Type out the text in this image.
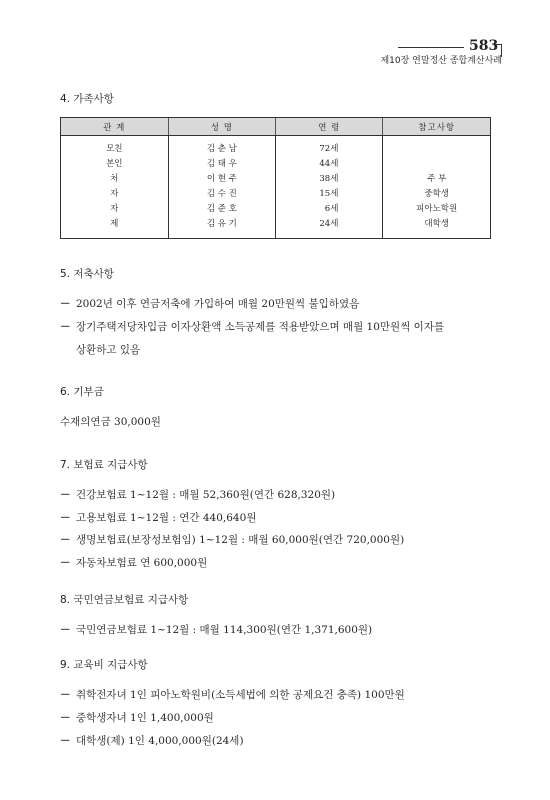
583
제10장 연말정산 종합계산사례
4. 가족사항
관 계	성 명	연 령	참고사항
모친	김 춘 남	72세	
본인	김 태 우	44세	
처	이 현 주	38세	주 부
자	김 수 진	15세	중학생
자	김 준 호	6세	피아노학원
제	김 유 기	24세	대학생
5. 저축사항
－ 2002년 이후 연금저축에 가입하여 매월 20만원씩 불입하였음
－ 장기주택저당차입금 이자상환액 소득공제를 적용받았으며 매월 10만원씩 이자를
상환하고 있음
6. 기부금
수재의연금 30,000원
7. 보험료 지급사항
－ 건강보험료 1~12월 : 매월 52,360원(연간 628,320원)
－ 고용보험료 1~12월 : 연간 440,640원
－ 생명보험료(보장성보험임) 1~12월 : 매월 60,000원(연간 720,000원)
－ 자동차보험료 연 600,000원
8. 국민연금보험료 지급사항
－ 국민연금보험료 1~12월 : 매월 114,300원(연간 1,371,600원)
9. 교육비 지급사항
－ 취학전자녀 1인 피아노학원비(소득세법에 의한 공제요건 충족) 100만원
－ 중학생자녀 1인 1,400,000원
－ 대학생(제) 1인 4,000,000원(24세)
